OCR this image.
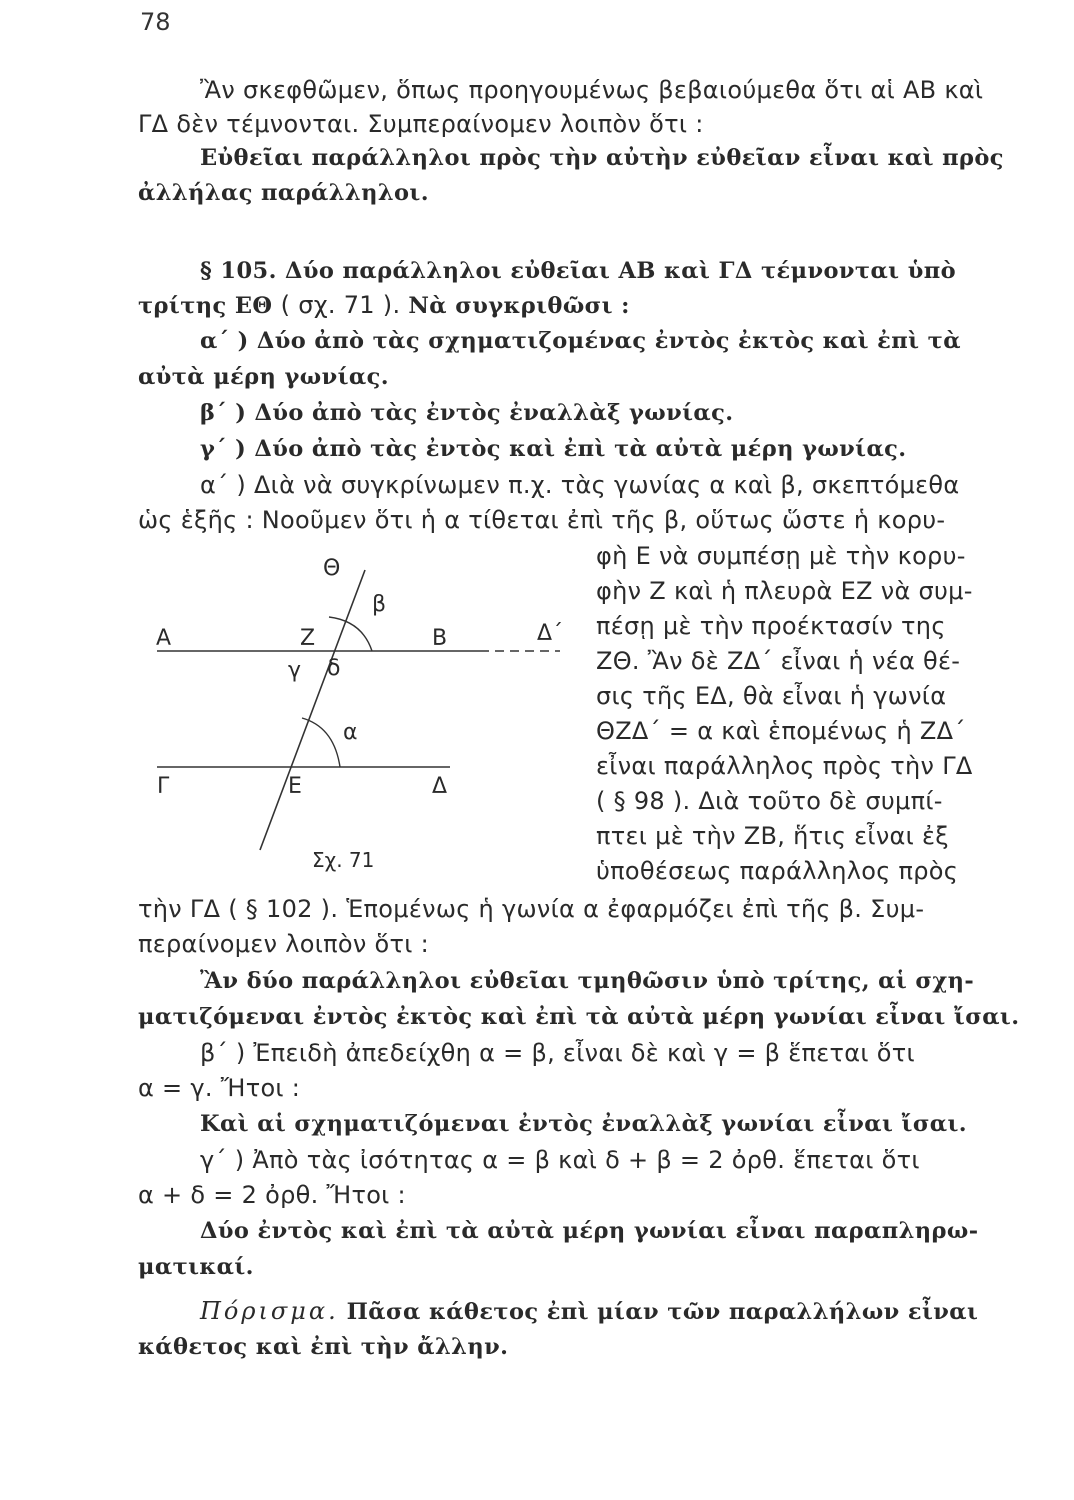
78
Ἂν σκεφθῶμεν, ὅπως προηγουμένως βεβαιούμεθα ὅτι αἱ ΑΒ καὶ
ΓΔ δὲν τέμνονται. Συμπεραίνομεν λοιπὸν ὅτι :
Εὐθεῖαι παράλληλοι πρὸς τὴν αὐτὴν εὐθεῖαν εἶναι καὶ πρὸς
ἀλλήλας παράλληλοι.
§ 105. Δύο παράλληλοι εὐθεῖαι ΑΒ καὶ ΓΔ τέμνονται ὑπὸ
τρίτης ΕΘ ( σχ. 71 ). Νὰ συγκριθῶσι :
α΄ ) Δύο ἀπὸ τὰς σχηματιζομένας ἐντὸς ἐκτὸς καὶ ἐπὶ τὰ
αὐτὰ μέρη γωνίας.
β΄ ) Δύο ἀπὸ τὰς ἐντὸς ἐναλλὰξ γωνίας.
γ΄ ) Δύο ἀπὸ τὰς ἐντὸς καὶ ἐπὶ τὰ αὐτὰ μέρη γωνίας.
α΄ ) Διὰ νὰ συγκρίνωμεν π.χ. τὰς γωνίας α καὶ β, σκεπτόμεθα
ὡς ἑξῆς : Νοοῦμεν ὅτι ἡ α τίθεται ἐπὶ τῆς β, οὕτως ὥστε ἡ κορυ-
φὴ Ε νὰ συμπέσῃ μὲ τὴν κορυ-
φὴν Ζ καὶ ἡ πλευρὰ ΕΖ νὰ συμ-
πέσῃ μὲ τὴν προέκτασίν της
ΖΘ. Ἂν δὲ ΖΔ΄ εἶναι ἡ νέα θέ-
σις τῆς ΕΔ, θὰ εἶναι ἡ γωνία
ΘΖΔ΄ = α καὶ ἑπομένως ἡ ΖΔ΄
εἶναι παράλληλος πρὸς τὴν ΓΔ
( § 98 ). Διὰ τοῦτο δὲ συμπί-
πτει μὲ τὴν ΖΒ, ἥτις εἶναι ἐξ
ὑποθέσεως παράλληλος πρὸς
Θ
β
Α	Ζ	Β	Δ΄
γ δ
α
Γ	Ε	Δ
Σχ. 71
τὴν ΓΔ ( § 102 ). Ἑπομένως ἡ γωνία α ἐφαρμόζει ἐπὶ τῆς β. Συμ-
περαίνομεν λοιπὸν ὅτι :
Ἂν δύο παράλληλοι εὐθεῖαι τμηθῶσιν ὑπὸ τρίτης, αἱ σχη-
ματιζόμεναι ἐντὸς ἐκτὸς καὶ ἐπὶ τὰ αὐτὰ μέρη γωνίαι εἶναι ἴσαι.
β΄ ) Ἐπειδὴ ἀπεδείχθη α = β, εἶναι δὲ καὶ γ = β ἕπεται ὅτι
α = γ. Ἤτοι :
Καὶ αἱ σχηματιζόμεναι ἐντὸς ἐναλλὰξ γωνίαι εἶναι ἴσαι.
γ΄ ) Ἀπὸ τὰς ἰσότητας α = β καὶ δ + β = 2 ὀρθ. ἕπεται ὅτι
α + δ = 2 ὀρθ. Ἤτοι :
Δύο ἐντὸς καὶ ἐπὶ τὰ αὐτὰ μέρη γωνίαι εἶναι παραπληρω-
ματικαί.
Πόρισμα. Πᾶσα κάθετος ἐπὶ μίαν τῶν παραλλήλων εἶναι
κάθετος καὶ ἐπὶ τὴν ἄλλην.
